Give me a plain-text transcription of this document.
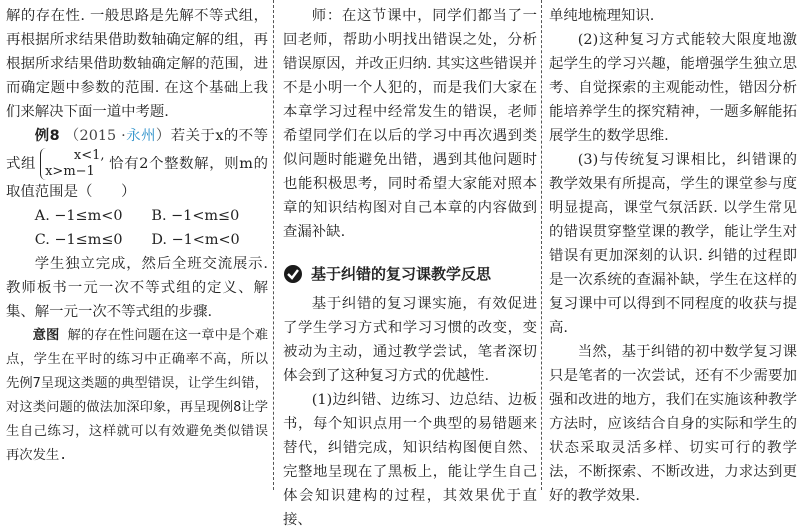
解的存在性. 一般思路是先解不等式组，再根据所求结果借助数轴确定解的组，再根据所求结果借助数轴确定解的范围，进而确定题中参数的范围. 在这个基础上我们来解决下面一道中考题.

例8 （2015 ·永州）若关于x的不等式组x<1,
x>m−1 恰有2个整数解，则m的取值范围是（　　）

A. −1≤m<0	B. −1<m≤0
C. −1≤m≤0	D. −1<m<0

学生独立完成，然后全班交流展示. 教师板书一元一次不等式组的定义、解集、解一元一次不等式组的步骤.

意图 解的存在性问题在这一章中是个难点，学生在平时的练习中正确率不高，所以先例7呈现这类题的典型错误，让学生纠错，对这类问题的做法加深印象，再呈现例8让学生自己练习，这样就可以有效避免类似错误再次发生.

师：在这节课中，同学们都当了一回老师，帮助小明找出错误之处，分析错误原因，并改正归纳. 其实这些错误并不是小明一个人犯的，而是我们大家在本章学习过程中经常发生的错误，老师希望同学们在以后的学习中再次遇到类似问题时能避免出错，遇到其他问题时也能积极思考，同时希望大家能对照本章的知识结构图对自己本章的内容做到查漏补缺.

基于纠错的复习课教学反思

基于纠错的复习课实施，有效促进了学生学习方式和学习习惯的改变，变被动为主动，通过教学尝试，笔者深切体会到了这种复习方式的优越性.

(1)边纠错、边练习、边总结、边板书，每个知识点用一个典型的易错题来替代，纠错完成，知识结构图便自然、完整地呈现在了黑板上，能让学生自己体会知识建构的过程，其效果优于直接、

单纯地梳理知识.

(2)这种复习方式能较大限度地激起学生的学习兴趣，能增强学生独立思考、自觉探索的主观能动性，错因分析能培养学生的探究精神，一题多解能拓展学生的数学思维.

(3)与传统复习课相比，纠错课的教学效果有所提高，学生的课堂参与度明显提高，课堂气氛活跃. 以学生常见的错误贯穿整堂课的教学，能让学生对错误有更加深刻的认识. 纠错的过程即是一次系统的查漏补缺，学生在这样的复习课中可以得到不同程度的收获与提高.

当然，基于纠错的初中数学复习课只是笔者的一次尝试，还有不少需要加强和改进的地方，我们在实施该种教学方法时，应该结合自身的实际和学生的状态采取灵活多样、切实可行的教学法，不断探索、不断改进，力求达到更好的教学效果.
